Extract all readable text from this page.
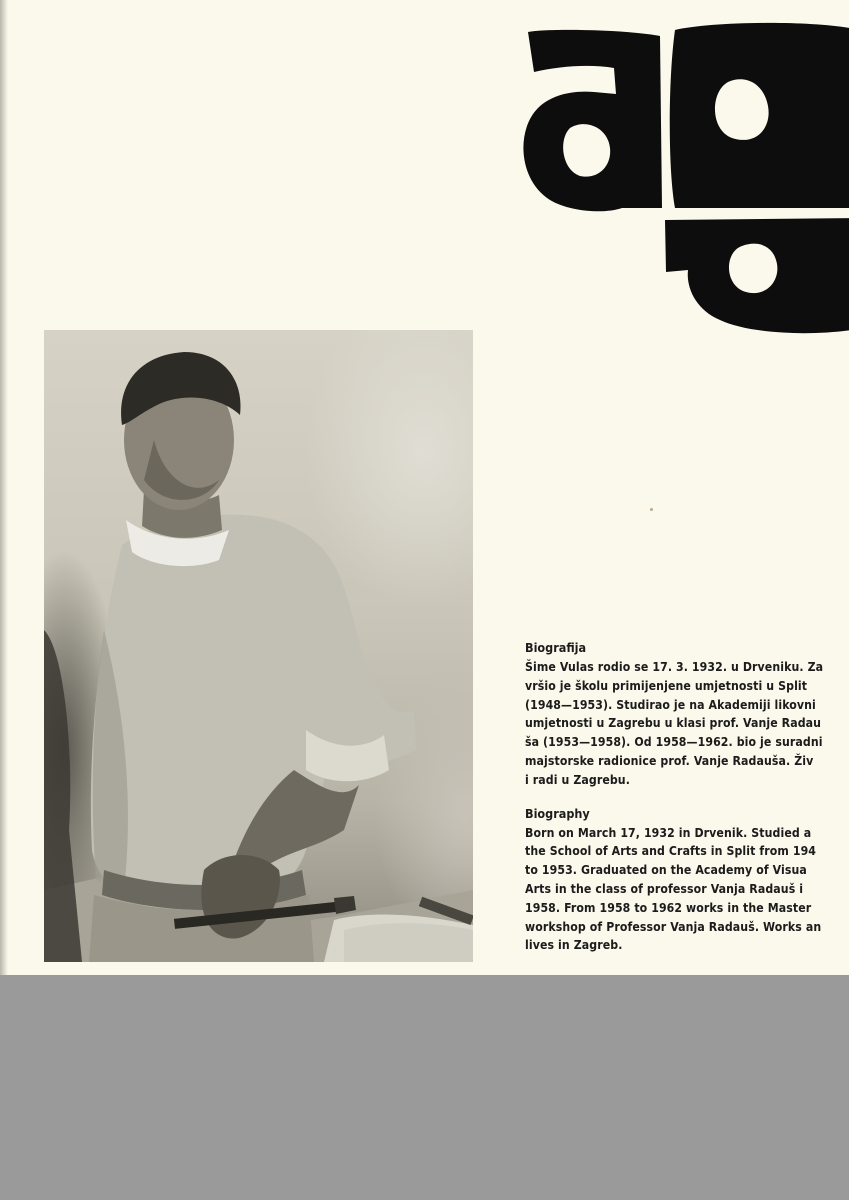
Biografija

Šime Vulas rodio se 17. 3. 1932. u Drveniku. Za

vršio je školu primijenjene umjetnosti u Split

(1948—1953). Studirao je na Akademiji likovni

umjetnosti u Zagrebu u klasi prof. Vanje Radau

ša (1953—1958). Od 1958—1962. bio je suradni

majstorske radionice prof. Vanje Radauša. Živ

i radi u Zagrebu.

Biography

Born on March 17, 1932 in Drvenik. Studied a

the School of Arts and Crafts in Split from 194

to 1953. Graduated on the Academy of Visua

Arts in the class of professor Vanja Radauš i

1958. From 1958 to 1962 works in the Master

workshop of Professor Vanja Radauš. Works an

lives in Zagreb.
